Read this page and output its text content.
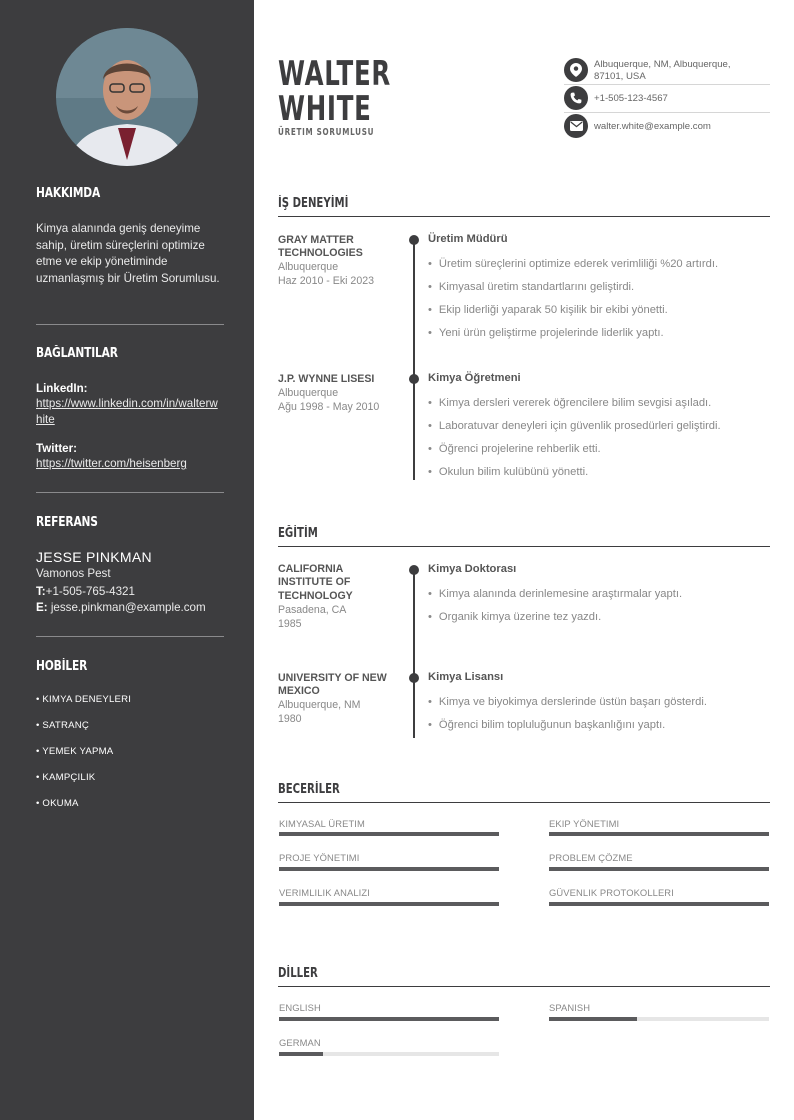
HAKKIMDA
Kimya alanında geniş deneyime sahip, üretim süreçlerini optimize etme ve ekip yönetiminde uzmanlaşmış bir Üretim Sorumlusu.
BAĞLANTILAR
LinkedIn:
https://www.linkedin.com/in/walterwhite
Twitter:
https://twitter.com/heisenberg
REFERANS
JESSE PINKMAN
Vamonos Pest
T:+1-505-765-4321
E: jesse.pinkman@example.com
HOBİLER
• KIMYA DENEYLERI
• SATRANÇ
• YEMEK YAPMA
• KAMPÇILIK
• OKUMA
WALTER
WHITE
ÜRETIM SORUMLUSU
Albuquerque, NM, Albuquerque,
87101, USA
+1-505-123-4567
walter.white@example.com
İŞ DENEYİMİ
GRAY MATTER
TECHNOLOGIES
Albuquerque
Haz 2010 - Eki 2023
Üretim Müdürü
• Üretim süreçlerini optimize ederek verimliliği %20 artırdı.
• Kimyasal üretim standartlarını geliştirdi.
• Ekip liderliği yaparak 50 kişilik bir ekibi yönetti.
• Yeni ürün geliştirme projelerinde liderlik yaptı.
J.P. WYNNE LISESI
Albuquerque
Ağu 1998 - May 2010
Kimya Öğretmeni
• Kimya dersleri vererek öğrencilere bilim sevgisi aşıladı.
• Laboratuvar deneyleri için güvenlik prosedürleri geliştirdi.
• Öğrenci projelerine rehberlik etti.
• Okulun bilim kulübünü yönetti.
EĞİTİM
CALIFORNIA
INSTITUTE OF
TECHNOLOGY
Pasadena, CA
1985
Kimya Doktorası
• Kimya alanında derinlemesine araştırmalar yaptı.
• Organik kimya üzerine tez yazdı.
UNIVERSITY OF NEW
MEXICO
Albuquerque, NM
1980
Kimya Lisansı
• Kimya ve biyokimya derslerinde üstün başarı gösterdi.
• Öğrenci bilim topluluğunun başkanlığını yaptı.
BECERİLER
KIMYASAL ÜRETIM	EKIP YÖNETIMI
PROJE YÖNETIMI	PROBLEM ÇÖZME
VERIMLILIK ANALIZI	GÜVENLIK PROTOKOLLERI
DİLLER
ENGLISH	SPANISH
GERMAN
